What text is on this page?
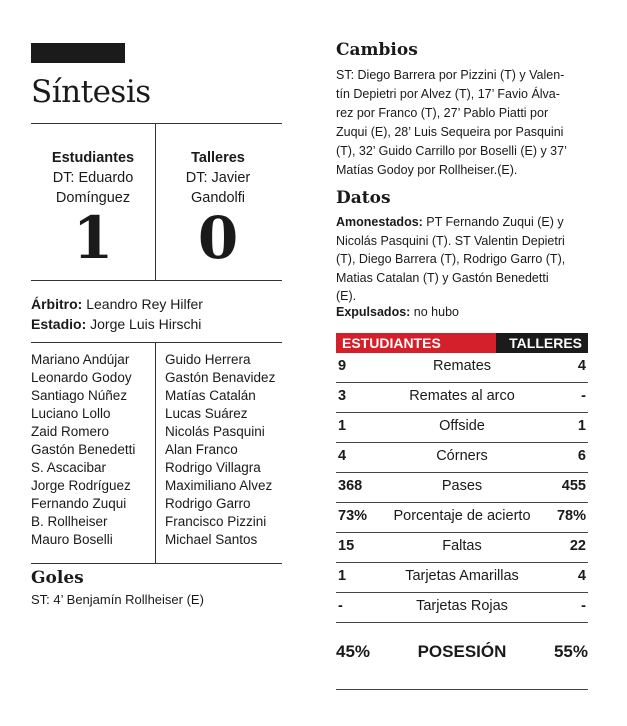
Síntesis
Estudiantes
DT: Eduardo
Domínguez
Talleres
DT: Javier
Gandolfi
1	0
Árbitro: Leandro Rey Hilfer
Estadio: Jorge Luis Hirschi
Mariano Andújar
Leonardo Godoy
Santiago Núñez
Luciano Lollo
Zaid Romero
Gastón Benedetti
S. Ascacibar
Jorge Rodríguez
Fernando Zuqui
B. Rollheiser
Mauro Boselli
Guido Herrera
Gastón Benavidez
Matías Catalán
Lucas Suárez
Nicolás Pasquini
Alan Franco
Rodrigo Villagra
Maximiliano Alvez
Rodrigo Garro
Francisco Pizzini
Michael Santos
Goles
ST: 4’ Benjamín Rollheiser (E)
Cambios
ST: Diego Barrera por Pizzini (T) y Valen-
tín Depietri por Alvez (T), 17’ Favio Álva-
rez por Franco (T), 27’ Pablo Piatti por
Zuqui (E), 28’ Luis Sequeira por Pasquini
(T), 32’ Guido Carrillo por Boselli (E) y 37’
Matías Godoy por Rollheiser.(E).
Datos
Amonestados: PT Fernando Zuqui (E) y
Nicolás Pasquini (T). ST Valentin Depietri
(T), Diego Barrera (T), Rodrigo Garro (T),
Matias Catalan (T) y Gastón Benedetti
(E).
Expulsados: no hubo
ESTUDIANTES	TALLERES
9	Remates	4
3	Remates al arco	-
1	Offside	1
4	Córners	6
368	Pases	455
73%	Porcentaje de acierto	78%
15	Faltas	22
1	Tarjetas Amarillas	4
-	Tarjetas Rojas	-
45%	POSESIÓN	55%
